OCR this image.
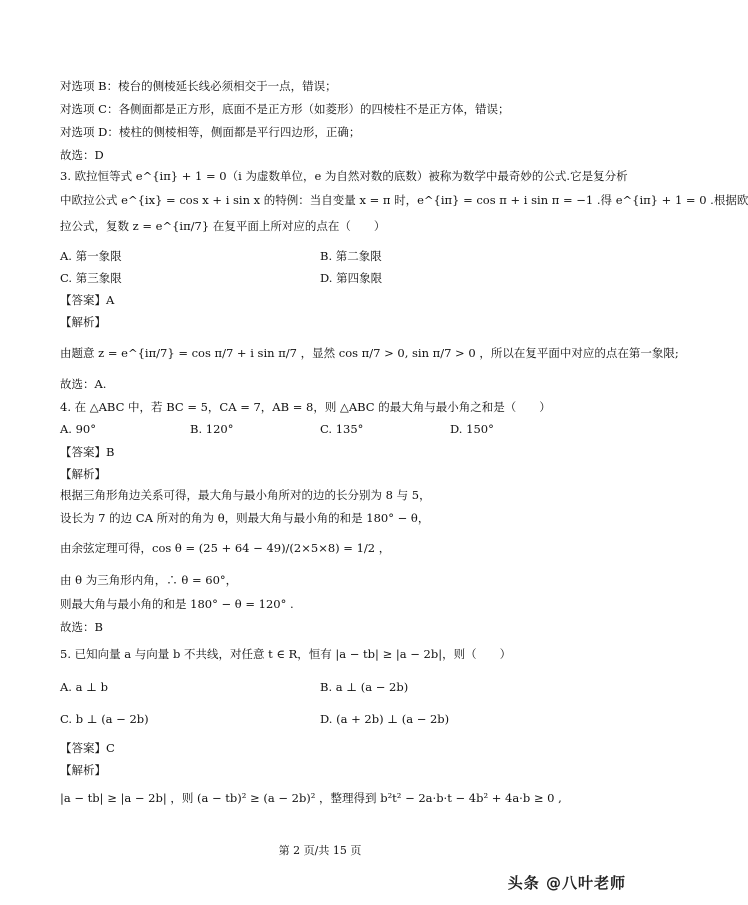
对选项 B：棱台的侧棱延长线必须相交于一点，错误；
对选项 C：各侧面都是正方形，底面不是正方形（如菱形）的四棱柱不是正方体，错误；
对选项 D：棱柱的侧棱相等，侧面都是平行四边形，正确；
故选：D
3. 欧拉恒等式 e^{iπ} + 1 = 0（i 为虚数单位，e 为自然对数的底数）被称为数学中最奇妙的公式.它是复分析
中欧拉公式 e^{ix} = cos x + i sin x 的特例：当自变量 x = π 时，e^{iπ} = cos π + i sin π = −1 .得 e^{iπ} + 1 = 0 .根据欧
拉公式，复数 z = e^{iπ/7} 在复平面上所对应的点在（　　）
A. 第一象限	B. 第二象限
C. 第三象限	D. 第四象限
【答案】A
【解析】
由题意 z = e^{iπ/7} = cos π/7 + i sin π/7 ，显然 cos π/7 > 0, sin π/7 > 0 ，所以在复平面中对应的点在第一象限;
故选：A.
4. 在 △ABC 中，若 BC = 5，CA = 7，AB = 8，则 △ABC 的最大角与最小角之和是（　　）
A. 90°	B. 120°	C. 135°	D. 150°
【答案】B
【解析】
根据三角形角边关系可得，最大角与最小角所对的边的长分别为 8 与 5，
设长为 7 的边 CA 所对的角为 θ，则最大角与最小角的和是 180° − θ，
由余弦定理可得，cos θ = (25 + 64 − 49)/(2×5×8) = 1/2 ，
由 θ 为三角形内角，∴ θ = 60°，
则最大角与最小角的和是 180° − θ = 120° .
故选：B
5. 已知向量 a 与向量 b 不共线，对任意 t ∈ R，恒有 |a − tb| ≥ |a − 2b|，则（　　）
A. a ⊥ b	B. a ⊥ (a − 2b)
C. b ⊥ (a − 2b)	D. (a + 2b) ⊥ (a − 2b)
【答案】C
【解析】
|a − tb| ≥ |a − 2b| ，则 (a − tb)² ≥ (a − 2b)² ，整理得到 b²t² − 2a·b·t − 4b² + 4a·b ≥ 0 ,
第 2 页/共 15 页
头条 @八叶老师
